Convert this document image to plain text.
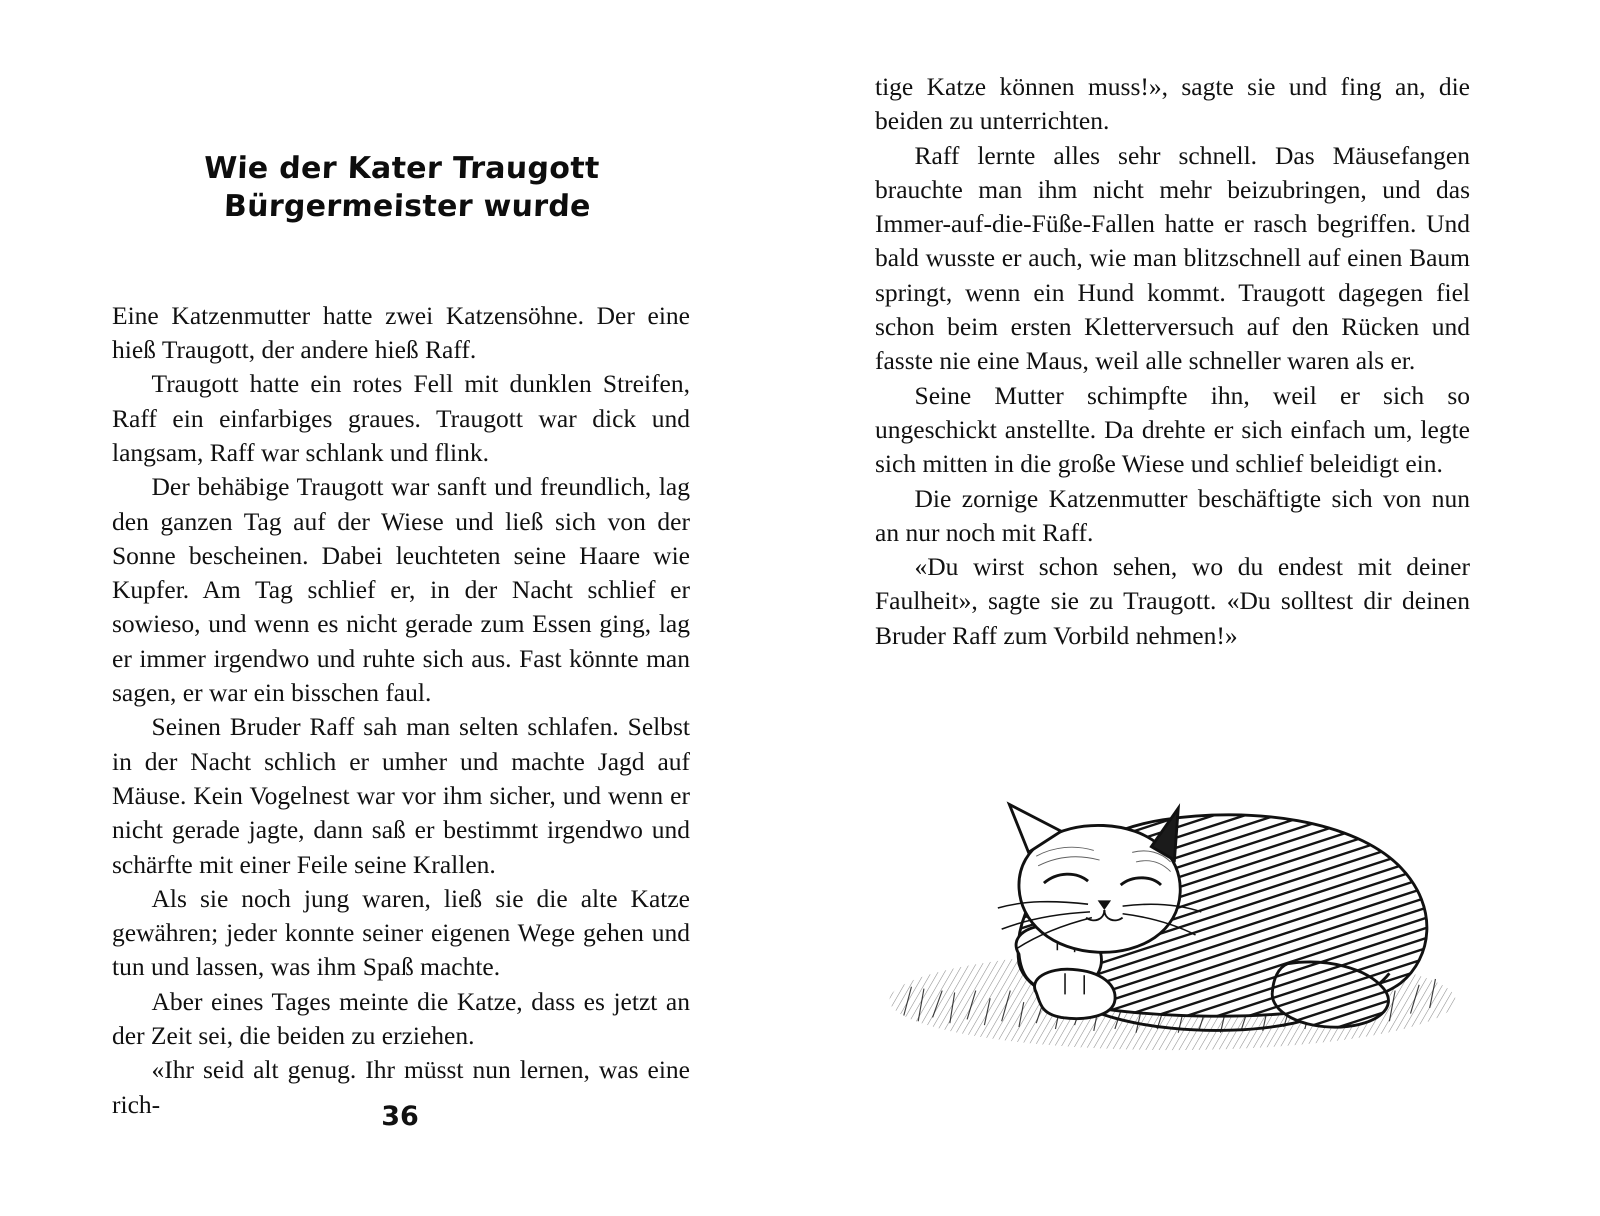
Wie der Kater Traugott
Bürgermeister wurde

Eine Katzenmutter hatte zwei Katzensöhne. Der eine hieß Traugott, der andere hieß Raff.

Traugott hatte ein rotes Fell mit dunklen Streifen, Raff ein einfarbiges graues. Traugott war dick und langsam, Raff war schlank und flink.

Der behäbige Traugott war sanft und freundlich, lag den ganzen Tag auf der Wiese und ließ sich von der Sonne bescheinen. Dabei leuchteten seine Haare wie Kupfer. Am Tag schlief er, in der Nacht schlief er sowieso, und wenn es nicht gerade zum Essen ging, lag er immer irgendwo und ruhte sich aus. Fast könnte man sagen, er war ein bisschen faul.

Seinen Bruder Raff sah man selten schlafen. Selbst in der Nacht schlich er umher und machte Jagd auf Mäuse. Kein Vogelnest war vor ihm sicher, und wenn er nicht gerade jagte, dann saß er bestimmt irgendwo und schärfte mit einer Feile seine Krallen.

Als sie noch jung waren, ließ sie die alte Katze gewähren; jeder konnte seiner eigenen Wege gehen und tun und lassen, was ihm Spaß machte.

Aber eines Tages meinte die Katze, dass es jetzt an der Zeit sei, die beiden zu erziehen.

«Ihr seid alt genug. Ihr müsst nun lernen, was eine rich-	36

tige Katze können muss!», sagte sie und fing an, die beiden zu unterrichten.

Raff lernte alles sehr schnell. Das Mäusefangen brauchte man ihm nicht mehr beizubringen, und das Immer-auf-die-Füße-Fallen hatte er rasch begriffen. Und bald wusste er auch, wie man blitzschnell auf einen Baum springt, wenn ein Hund kommt. Traugott dagegen fiel schon beim ersten Kletterversuch auf den Rücken und fasste nie eine Maus, weil alle schneller waren als er.

Seine Mutter schimpfte ihn, weil er sich so ungeschickt anstellte. Da drehte er sich einfach um, legte sich mitten in die große Wiese und schlief beleidigt ein.

Die zornige Katzenmutter beschäftigte sich von nun an nur noch mit Raff.

«Du wirst schon sehen, wo du endest mit deiner Faulheit», sagte sie zu Traugott. «Du solltest dir deinen Bruder Raff zum Vorbild nehmen!»
